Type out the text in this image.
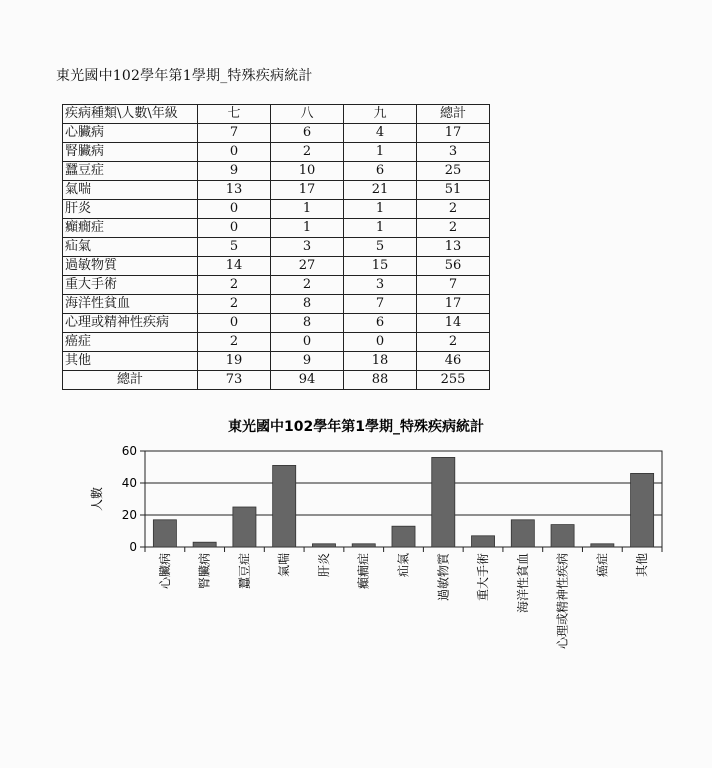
東光國中102學年第1學期_特殊疾病統計
疾病種類\人數\年級	七	八	九	總計
心臟病	7	6	4	17
腎臟病	0	2	1	3
蠶豆症	9	10	6	25
氣喘	13	17	21	51
肝炎	0	1	1	2
癲癇症	0	1	1	2
疝氣	5	3	5	13
過敏物質	14	27	15	56
重大手術	2	2	3	7
海洋性貧血	2	8	7	17
心理或精神性疾病	0	8	6	14
癌症	2	0	0	2
其他	19	9	18	46
總計	73	94	88	255
東光國中102學年第1學期_特殊疾病統計
人數
0
20
40
60
心臟病 腎臟病 蠶豆症 氣喘 肝炎 癲癇症 疝氣 過敏物質 重大手術 海洋性貧血 心理或精神性疾病 癌症 其他
